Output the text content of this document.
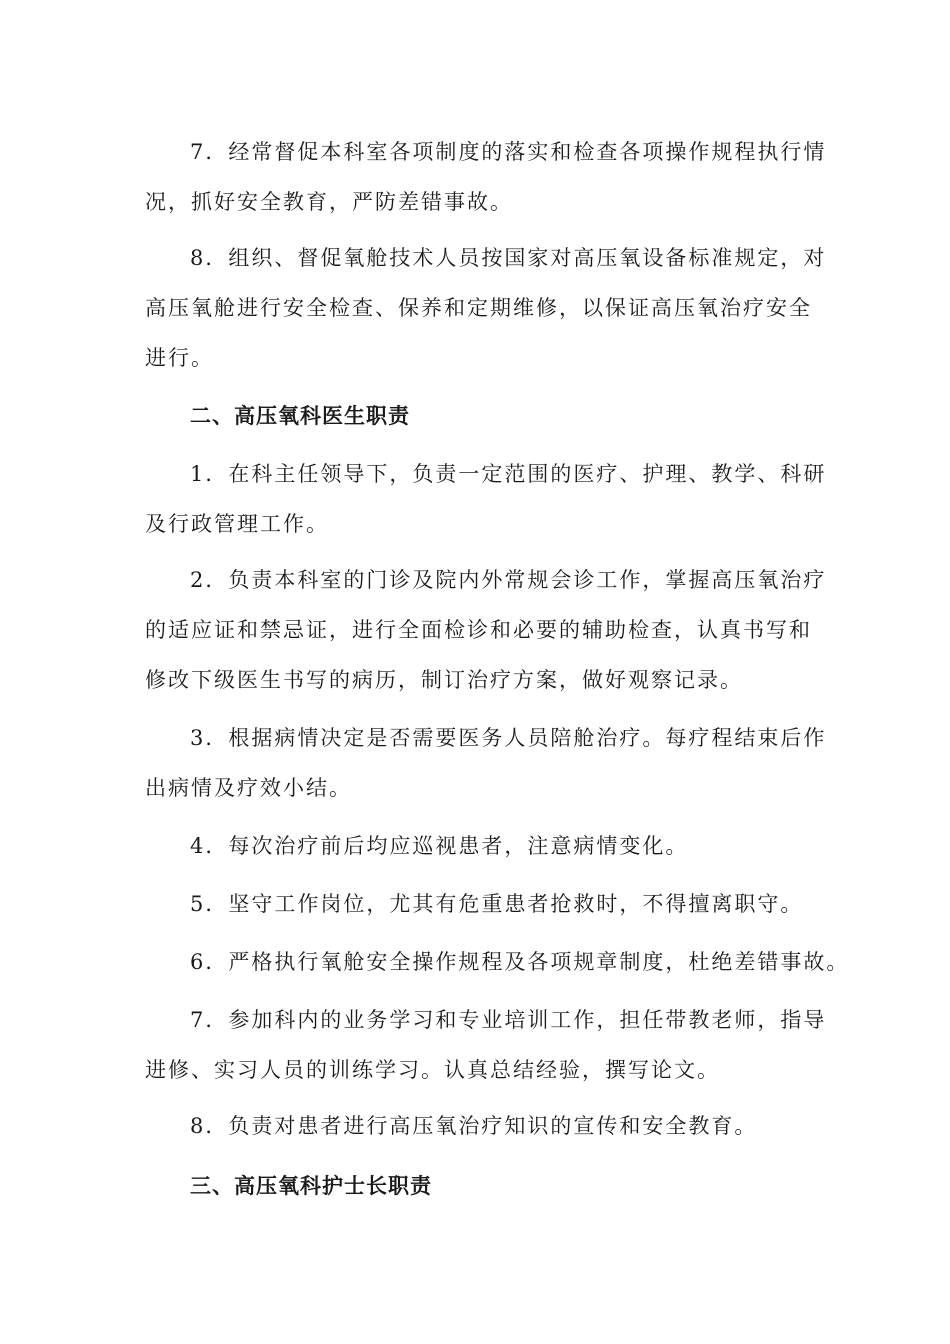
7．经常督促本科室各项制度的落实和检查各项操作规程执行情

况，抓好安全教育，严防差错事故。

8．组织、督促氧舱技术人员按国家对高压氧设备标准规定，对

高压氧舱进行安全检查、保养和定期维修，以保证高压氧治疗安全

进行。

二、高压氧科医生职责

1．在科主任领导下，负责一定范围的医疗、护理、教学、科研

及行政管理工作。

2．负责本科室的门诊及院内外常规会诊工作，掌握高压氧治疗

的适应证和禁忌证，进行全面检诊和必要的辅助检查，认真书写和

修改下级医生书写的病历，制订治疗方案，做好观察记录。

3．根据病情决定是否需要医务人员陪舱治疗。每疗程结束后作

出病情及疗效小结。

4．每次治疗前后均应巡视患者，注意病情变化。

5．坚守工作岗位，尤其有危重患者抢救时，不得擅离职守。

6．严格执行氧舱安全操作规程及各项规章制度，杜绝差错事故。

7．参加科内的业务学习和专业培训工作，担任带教老师，指导

进修、实习人员的训练学习。认真总结经验，撰写论文。

8．负责对患者进行高压氧治疗知识的宣传和安全教育。

三、高压氧科护士长职责
